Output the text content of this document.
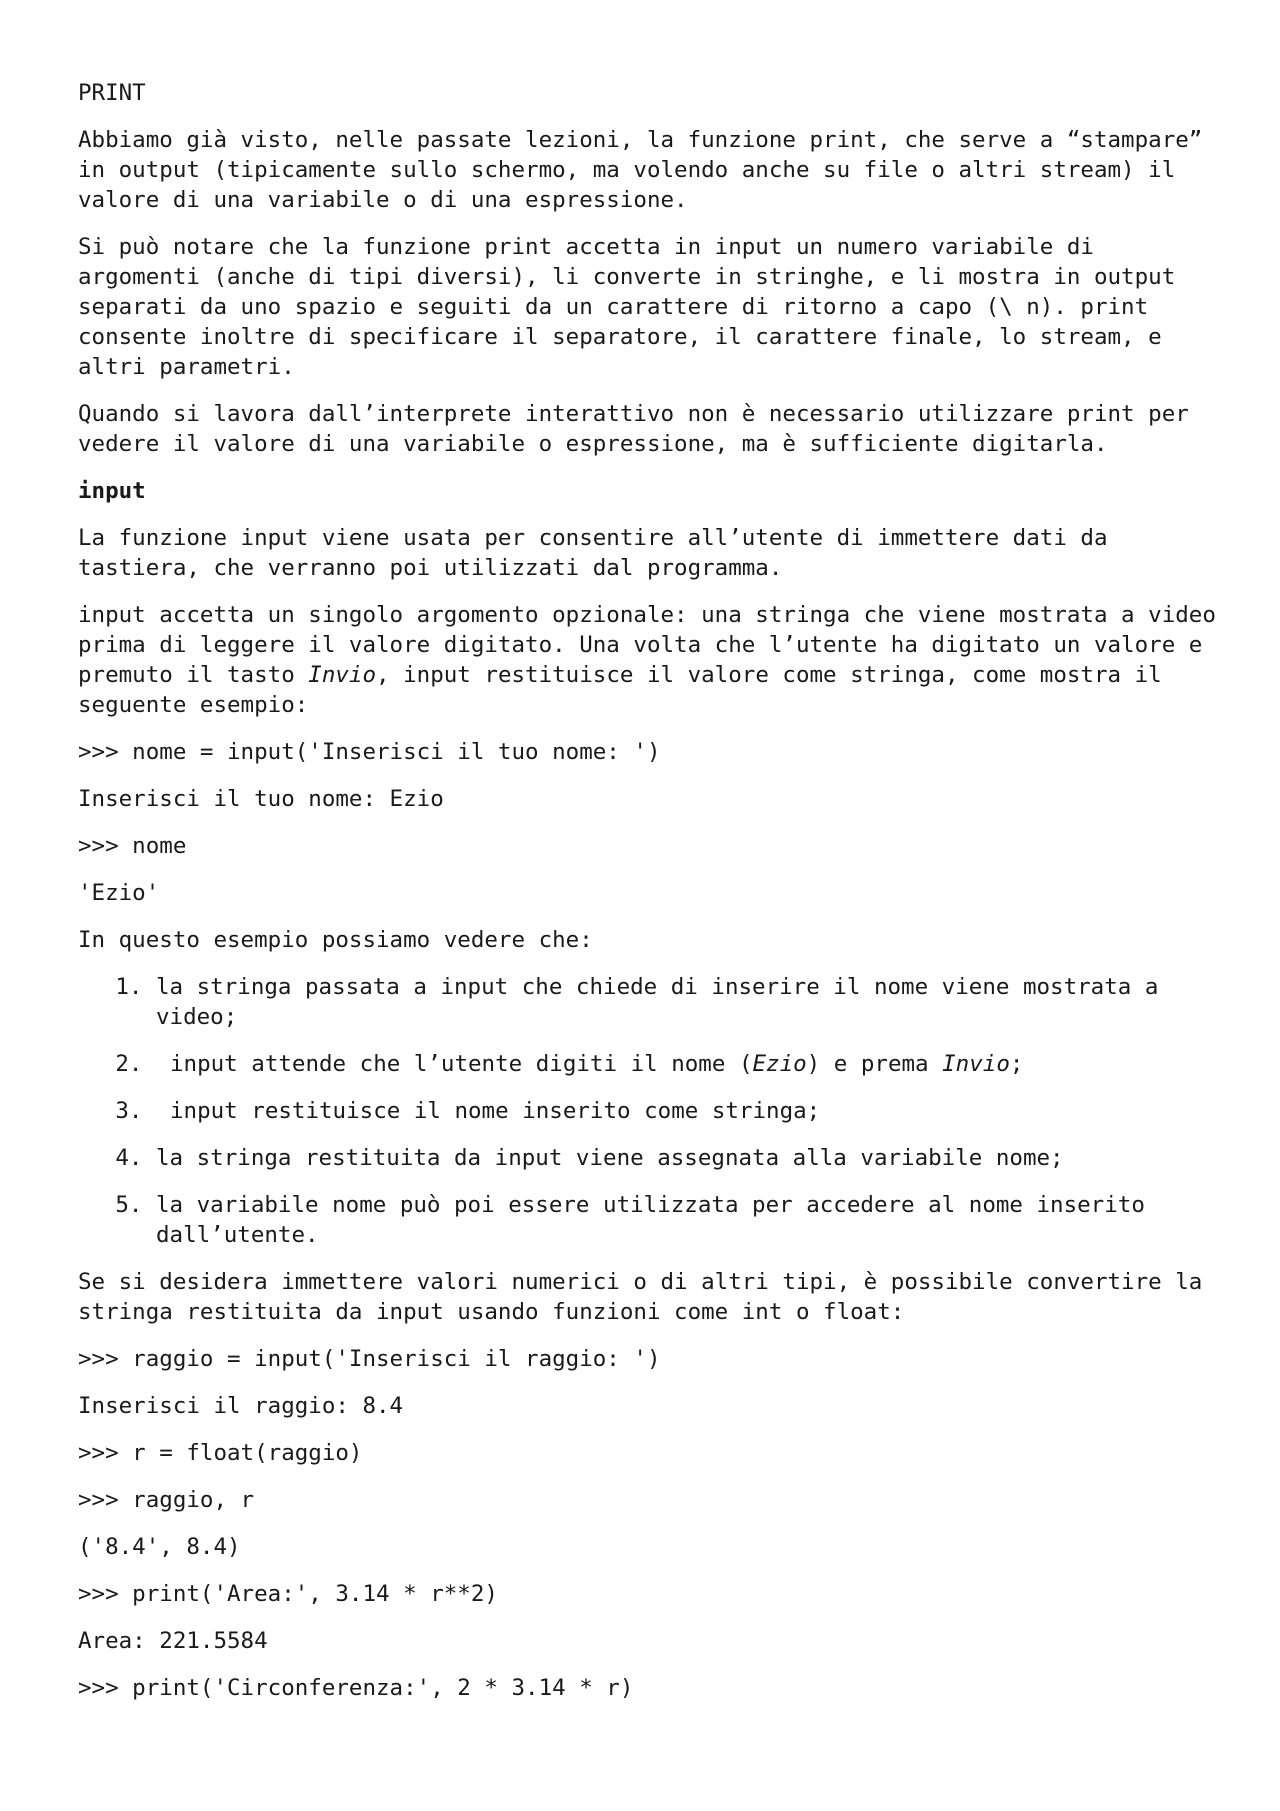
PRINT

Abbiamo già visto, nelle passate lezioni, la funzione print, che serve a “stampare” in output (tipicamente sullo schermo, ma volendo anche su file o altri stream) il valore di una variabile o di una espressione.

Si può notare che la funzione print accetta in input un numero variabile di argomenti (anche di tipi diversi), li converte in stringhe, e li mostra in output separati da uno spazio e seguiti da un carattere di ritorno a capo (\ n). print consente inoltre di specificare il separatore, il carattere finale, lo stream, e altri parametri.

Quando si lavora dall’interprete interattivo non è necessario utilizzare print per vedere il valore di una variabile o espressione, ma è sufficiente digitarla.

input

La funzione input viene usata per consentire all’utente di immettere dati da tastiera, che verranno poi utilizzati dal programma.

input accetta un singolo argomento opzionale: una stringa che viene mostrata a video prima di leggere il valore digitato. Una volta che l’utente ha digitato un valore e premuto il tasto Invio, input restituisce il valore come stringa, come mostra il seguente esempio:

>>> nome = input('Inserisci il tuo nome: ')
Inserisci il tuo nome: Ezio
>>> nome
'Ezio'

In questo esempio possiamo vedere che:

1. la stringa passata a input che chiede di inserire il nome viene mostrata a video;
2. input attende che l’utente digiti il nome (Ezio) e prema Invio;
3. input restituisce il nome inserito come stringa;
4. la stringa restituita da input viene assegnata alla variabile nome;
5. la variabile nome può poi essere utilizzata per accedere al nome inserito dall’utente.

Se si desidera immettere valori numerici o di altri tipi, è possibile convertire la stringa restituita da input usando funzioni come int o float:

>>> raggio = input('Inserisci il raggio: ')
Inserisci il raggio: 8.4
>>> r = float(raggio)
>>> raggio, r
('8.4', 8.4)
>>> print('Area:', 3.14 * r**2)
Area: 221.5584
>>> print('Circonferenza:', 2 * 3.14 * r)
